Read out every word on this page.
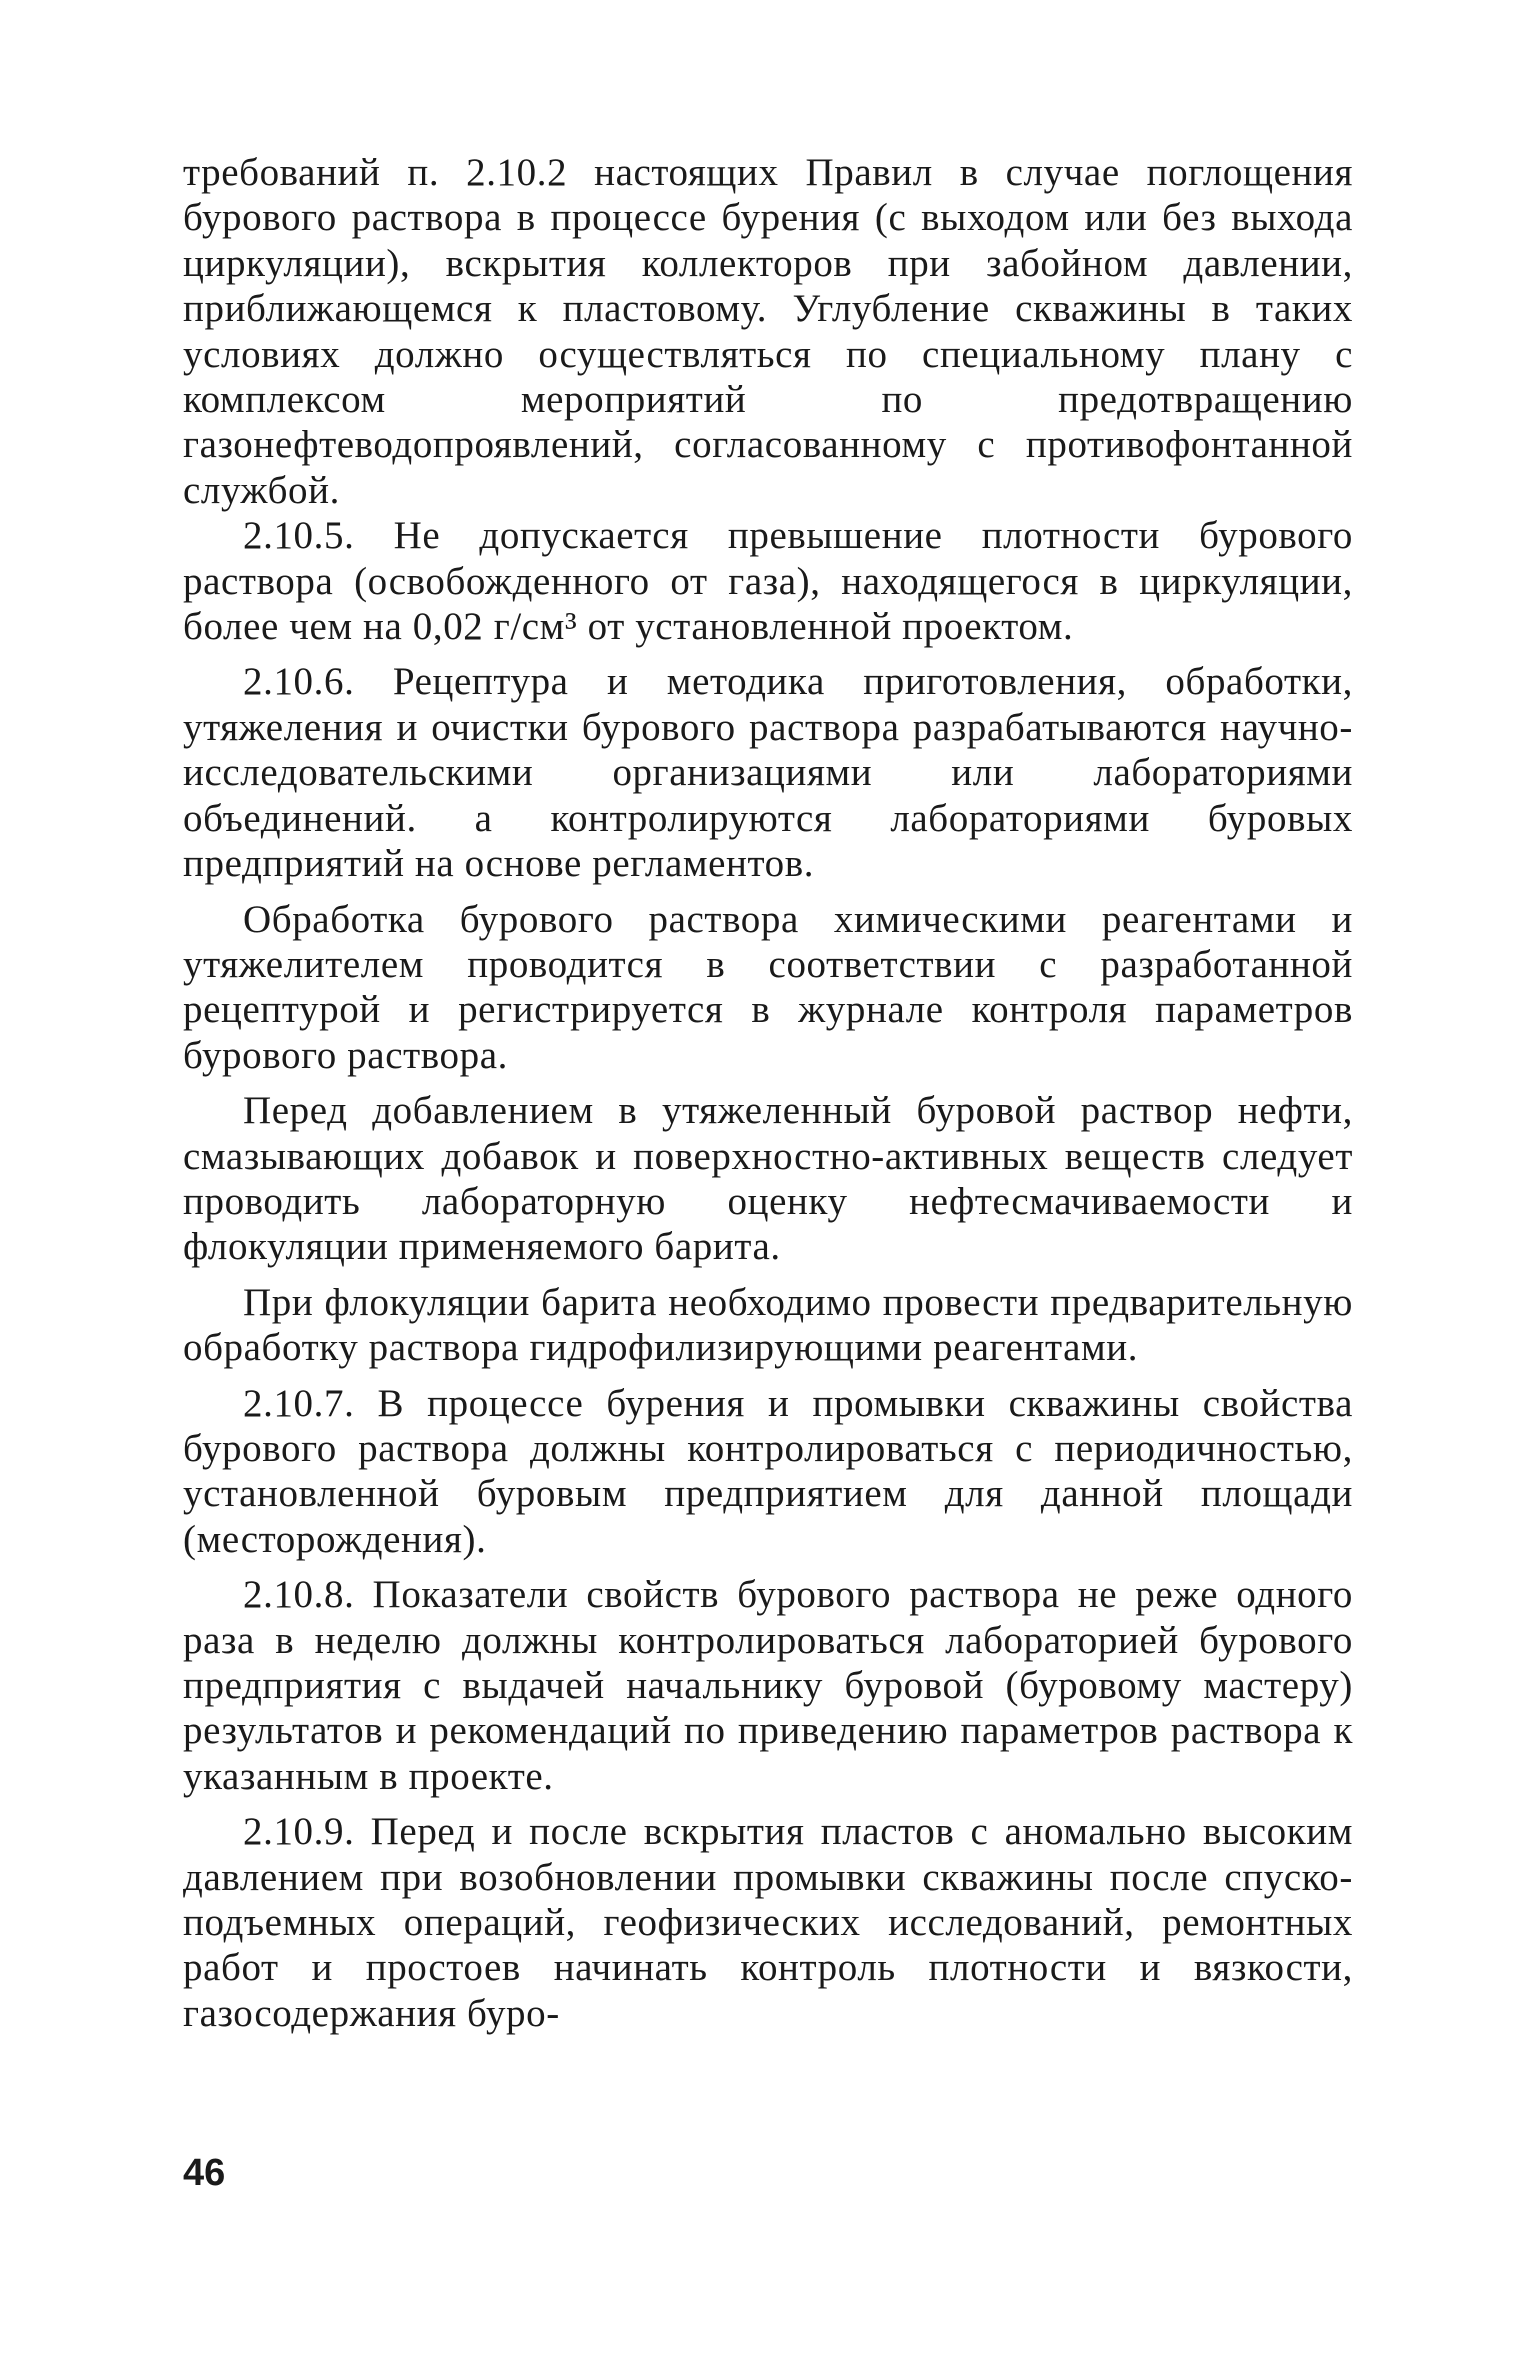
требований п. 2.10.2 настоящих Правил в случае поглощения бурового раствора в процессе бурения (с выходом или без выхода циркуляции), вскрытия коллекторов при забойном давлении, приближающемся к пластовому. Углубление скважины в таких условиях должно осуществляться по специальному плану с комплексом мероприятий по предотвращению газонефтеводопроявлений, согласованному с противофонтанной службой.

2.10.5. Не допускается превышение плотности бурового раствора (освобожденного от газа), находящегося в циркуляции, более чем на 0,02 г/см³ от установленной проектом.

2.10.6. Рецептура и методика приготовления, обработки, утяжеления и очистки бурового раствора разрабатываются научно-исследовательскими организациями или лабораториями объединений. а контролируются лабораториями буровых предприятий на основе регламентов.

Обработка бурового раствора химическими реагентами и утяжелителем проводится в соответствии с разработанной рецептурой и регистрируется в журнале контроля параметров бурового раствора.

Перед добавлением в утяжеленный буровой раствор нефти, смазывающих добавок и поверхностно-активных веществ следует проводить лабораторную оценку нефтесмачиваемости и флокуляции применяемого барита.

При флокуляции барита необходимо провести предварительную обработку раствора гидрофилизирующими реагентами.

2.10.7. В процессе бурения и промывки скважины свойства бурового раствора должны контролироваться с периодичностью, установленной буровым предприятием для данной площади (месторождения).

2.10.8. Показатели свойств бурового раствора не реже одного раза в неделю должны контролироваться лабораторией бурового предприятия с выдачей начальнику буровой (буровому мастеру) результатов и рекомендаций по приведению параметров раствора к указанным в проекте.

2.10.9. Перед и после вскрытия пластов с аномально высоким давлением при возобновлении промывки скважины после спуско-подъемных операций, геофизических исследований, ремонтных работ и простоев начинать контроль плотности и вязкости, газосодержания буро-

46
